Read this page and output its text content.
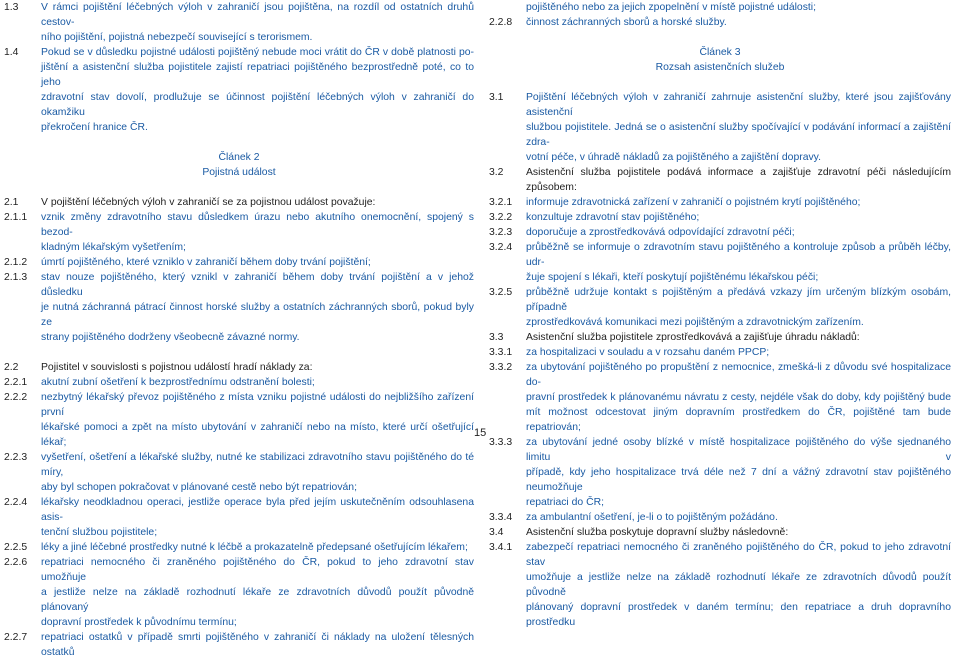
1.3	V rámci pojištění léčebných výloh v zahraničí jsou pojištěna, na rozdíl od ostatních druhů cestov-
ního pojištění, pojistná nebezpečí související s terorismem.
1.4	Pokud se v důsledku pojistné události pojištěný nebude moci vrátit do ČR v době platnosti po-
jištění a asistenční služba pojistitele zajistí repatriaci pojištěného bezprostředně poté, co to jeho
zdravotní stav dovolí, prodlužuje se účinnost pojištění léčebných výloh v zahraničí do okamžiku
překročení hranice ČR.
Článek 2
Pojistná událost
2.1	V pojištění léčebných výloh v zahraničí se za pojistnou událost považuje:
2.1.1	vznik změny zdravotního stavu důsledkem úrazu nebo akutního onemocnění, spojený s bezod-
kladným lékařským vyšetřením;
2.1.2	úmrtí pojištěného, které vzniklo v zahraničí během doby trvání pojištění;
2.1.3	stav nouze pojištěného, který vznikl v zahraničí během doby trvání pojištění a v jehož důsledku
je nutná záchranná pátrací činnost horské služby a ostatních záchranných sborů, pokud byly ze
strany pojištěného dodrženy všeobecně závazné normy.
2.2	Pojistitel v souvislosti s pojistnou událostí hradí náklady za:
2.2.1	akutní zubní ošetření k bezprostřednímu odstranění bolesti;
2.2.2	nezbytný lékařský převoz pojištěného z místa vzniku pojistné události do nejbližšího zařízení první
lékařské pomoci a zpět na místo ubytování v zahraničí nebo na místo, které určí ošetřující lékař;
2.2.3	vyšetření, ošetření a lékařské služby, nutné ke stabilizaci zdravotního stavu pojištěného do té míry,
aby byl schopen pokračovat v plánované cestě nebo být repatriován;
2.2.4	lékařsky neodkladnou operaci, jestliže operace byla před jejím uskutečněním odsouhlasena asis-
tenční službou pojistitele;
2.2.5	léky a jiné léčebné prostředky nutné k léčbě a prokazatelně předepsané ošetřujícím lékařem;
2.2.6	repatriaci nemocného či zraněného pojištěného do ČR, pokud to jeho zdravotní stav umožňuje
a jestliže nelze na základě rozhodnutí lékaře ze zdravotních důvodů použít původně plánovaný
dopravní prostředek k původnímu termínu;
2.2.7	repatriaci ostatků v případě smrti pojištěného v zahraničí či náklady na uložení tělesných ostatků
pojištěného nebo za jejich zpopelnění v místě pojistné události;
2.2.8	činnost záchranných sborů a horské služby.
Článek 3
Rozsah asistenčních služeb
3.1	Pojištění léčebných výloh v zahraničí zahrnuje asistenční služby, které jsou zajišťovány asistenční
službou pojistitele. Jedná se o asistenční služby spočívající v podávání informací a zajištění zdra-
votní péče, v úhradě nákladů za pojištěného a zajištění dopravy.
3.2	Asistenční služba pojistitele podává informace a zajišťuje zdravotní péči následujícím způsobem:
3.2.1	informuje zdravotnická zařízení v zahraničí o pojistném krytí pojištěného;
3.2.2	konzultuje zdravotní stav pojištěného;
3.2.3	doporučuje a zprostředkovává odpovídající zdravotní péči;
3.2.4	průběžně se informuje o zdravotním stavu pojištěného a kontroluje způsob a průběh léčby, udr-
žuje spojení s lékaři, kteří poskytují pojištěnému lékařskou péči;
3.2.5	průběžně udržuje kontakt s pojištěným a předává vzkazy jím určeným blízkým osobám, případně
zprostředkovává komunikaci mezi pojištěným a zdravotnickým zařízením.
3.3	Asistenční služba pojistitele zprostředkovává a zajišťuje úhradu nákladů:
3.3.1	za hospitalizaci v souladu a v rozsahu daném PPCP;
3.3.2	za ubytování pojištěného po propuštění z nemocnice, zmešká-li z důvodu své hospitalizace do-
pravní prostředek k plánovanému návratu z cesty, nejdéle však do doby, kdy pojištěný bude
mít možnost odcestovat jiným dopravním prostředkem do ČR, pojištěné tam bude repatriován;
3.3.3	za ubytování jedné osoby blízké v místě hospitalizace pojištěného do výše sjednaného limitu v
případě, kdy jeho hospitalizace trvá déle než 7 dní a vážný zdravotní stav pojištěného neumožňuje
repatriaci do ČR;
3.3.4	za ambulantní ošetření, je-li o to pojištěným požádáno.
3.4	Asistenční služba poskytuje dopravní služby následovně:
3.4.1	zabezpečí repatriaci nemocného či zraněného pojištěného do ČR, pokud to jeho zdravotní stav
umožňuje a jestliže nelze na základě rozhodnutí lékaře ze zdravotních důvodů použít původně
plánovaný dopravní prostředek v daném termínu; den repatriace a druh dopravního prostředku
15
